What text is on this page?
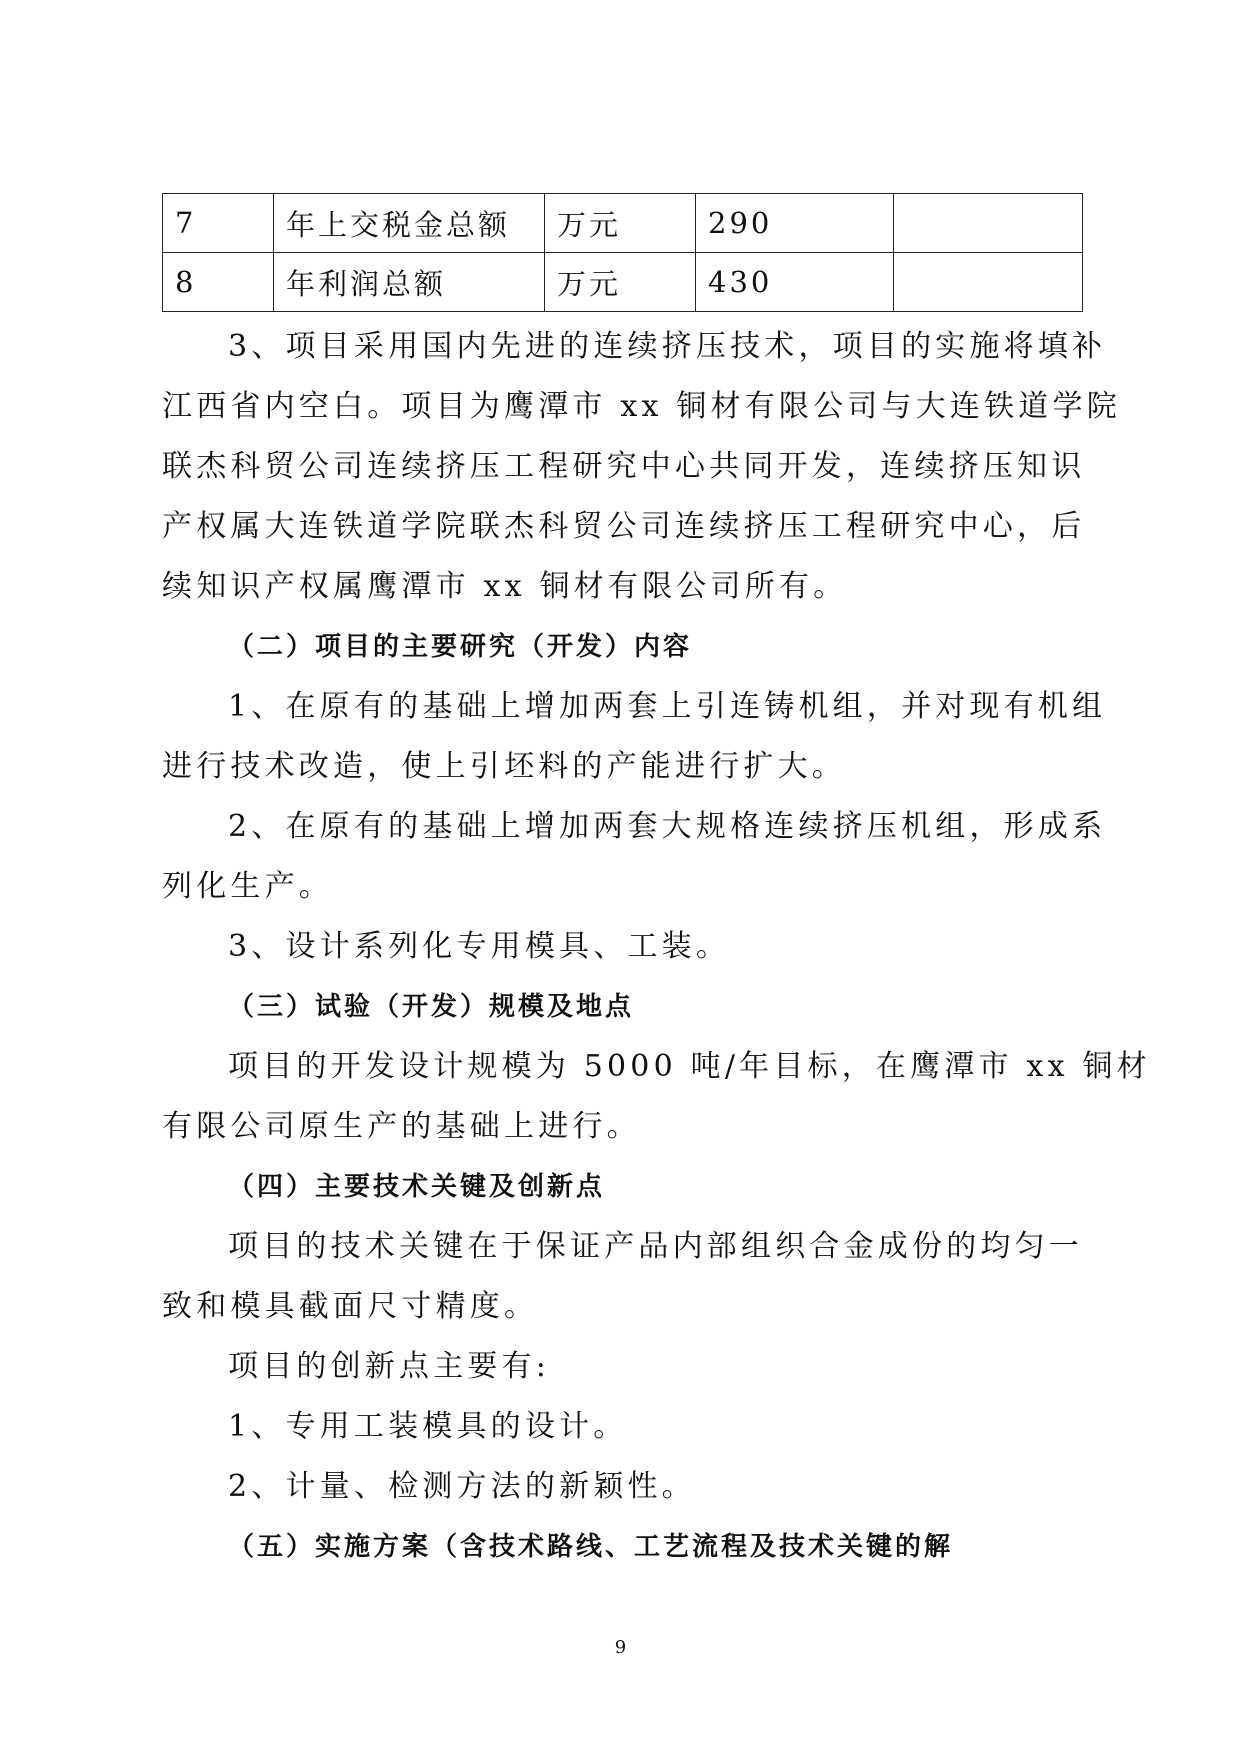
7	年上交税金总额	万元	290	
8	年利润总额	万元	430	
3、项目采用国内先进的连续挤压技术，项目的实施将填补
江西省内空白。项目为鹰潭市 xx 铜材有限公司与大连铁道学院
联杰科贸公司连续挤压工程研究中心共同开发，连续挤压知识
产权属大连铁道学院联杰科贸公司连续挤压工程研究中心，后
续知识产权属鹰潭市 xx 铜材有限公司所有。
（二）项目的主要研究（开发）内容
1、在原有的基础上增加两套上引连铸机组，并对现有机组
进行技术改造，使上引坯料的产能进行扩大。
2、在原有的基础上增加两套大规格连续挤压机组，形成系
列化生产。
3、设计系列化专用模具、工装。
（三）试验（开发）规模及地点
项目的开发设计规模为 5000 吨/年目标，在鹰潭市 xx 铜材
有限公司原生产的基础上进行。
（四）主要技术关键及创新点
项目的技术关键在于保证产品内部组织合金成份的均匀一
致和模具截面尺寸精度。
项目的创新点主要有:
1、专用工装模具的设计。
2、计量、检测方法的新颖性。
（五）实施方案（含技术路线、工艺流程及技术关键的解
9
